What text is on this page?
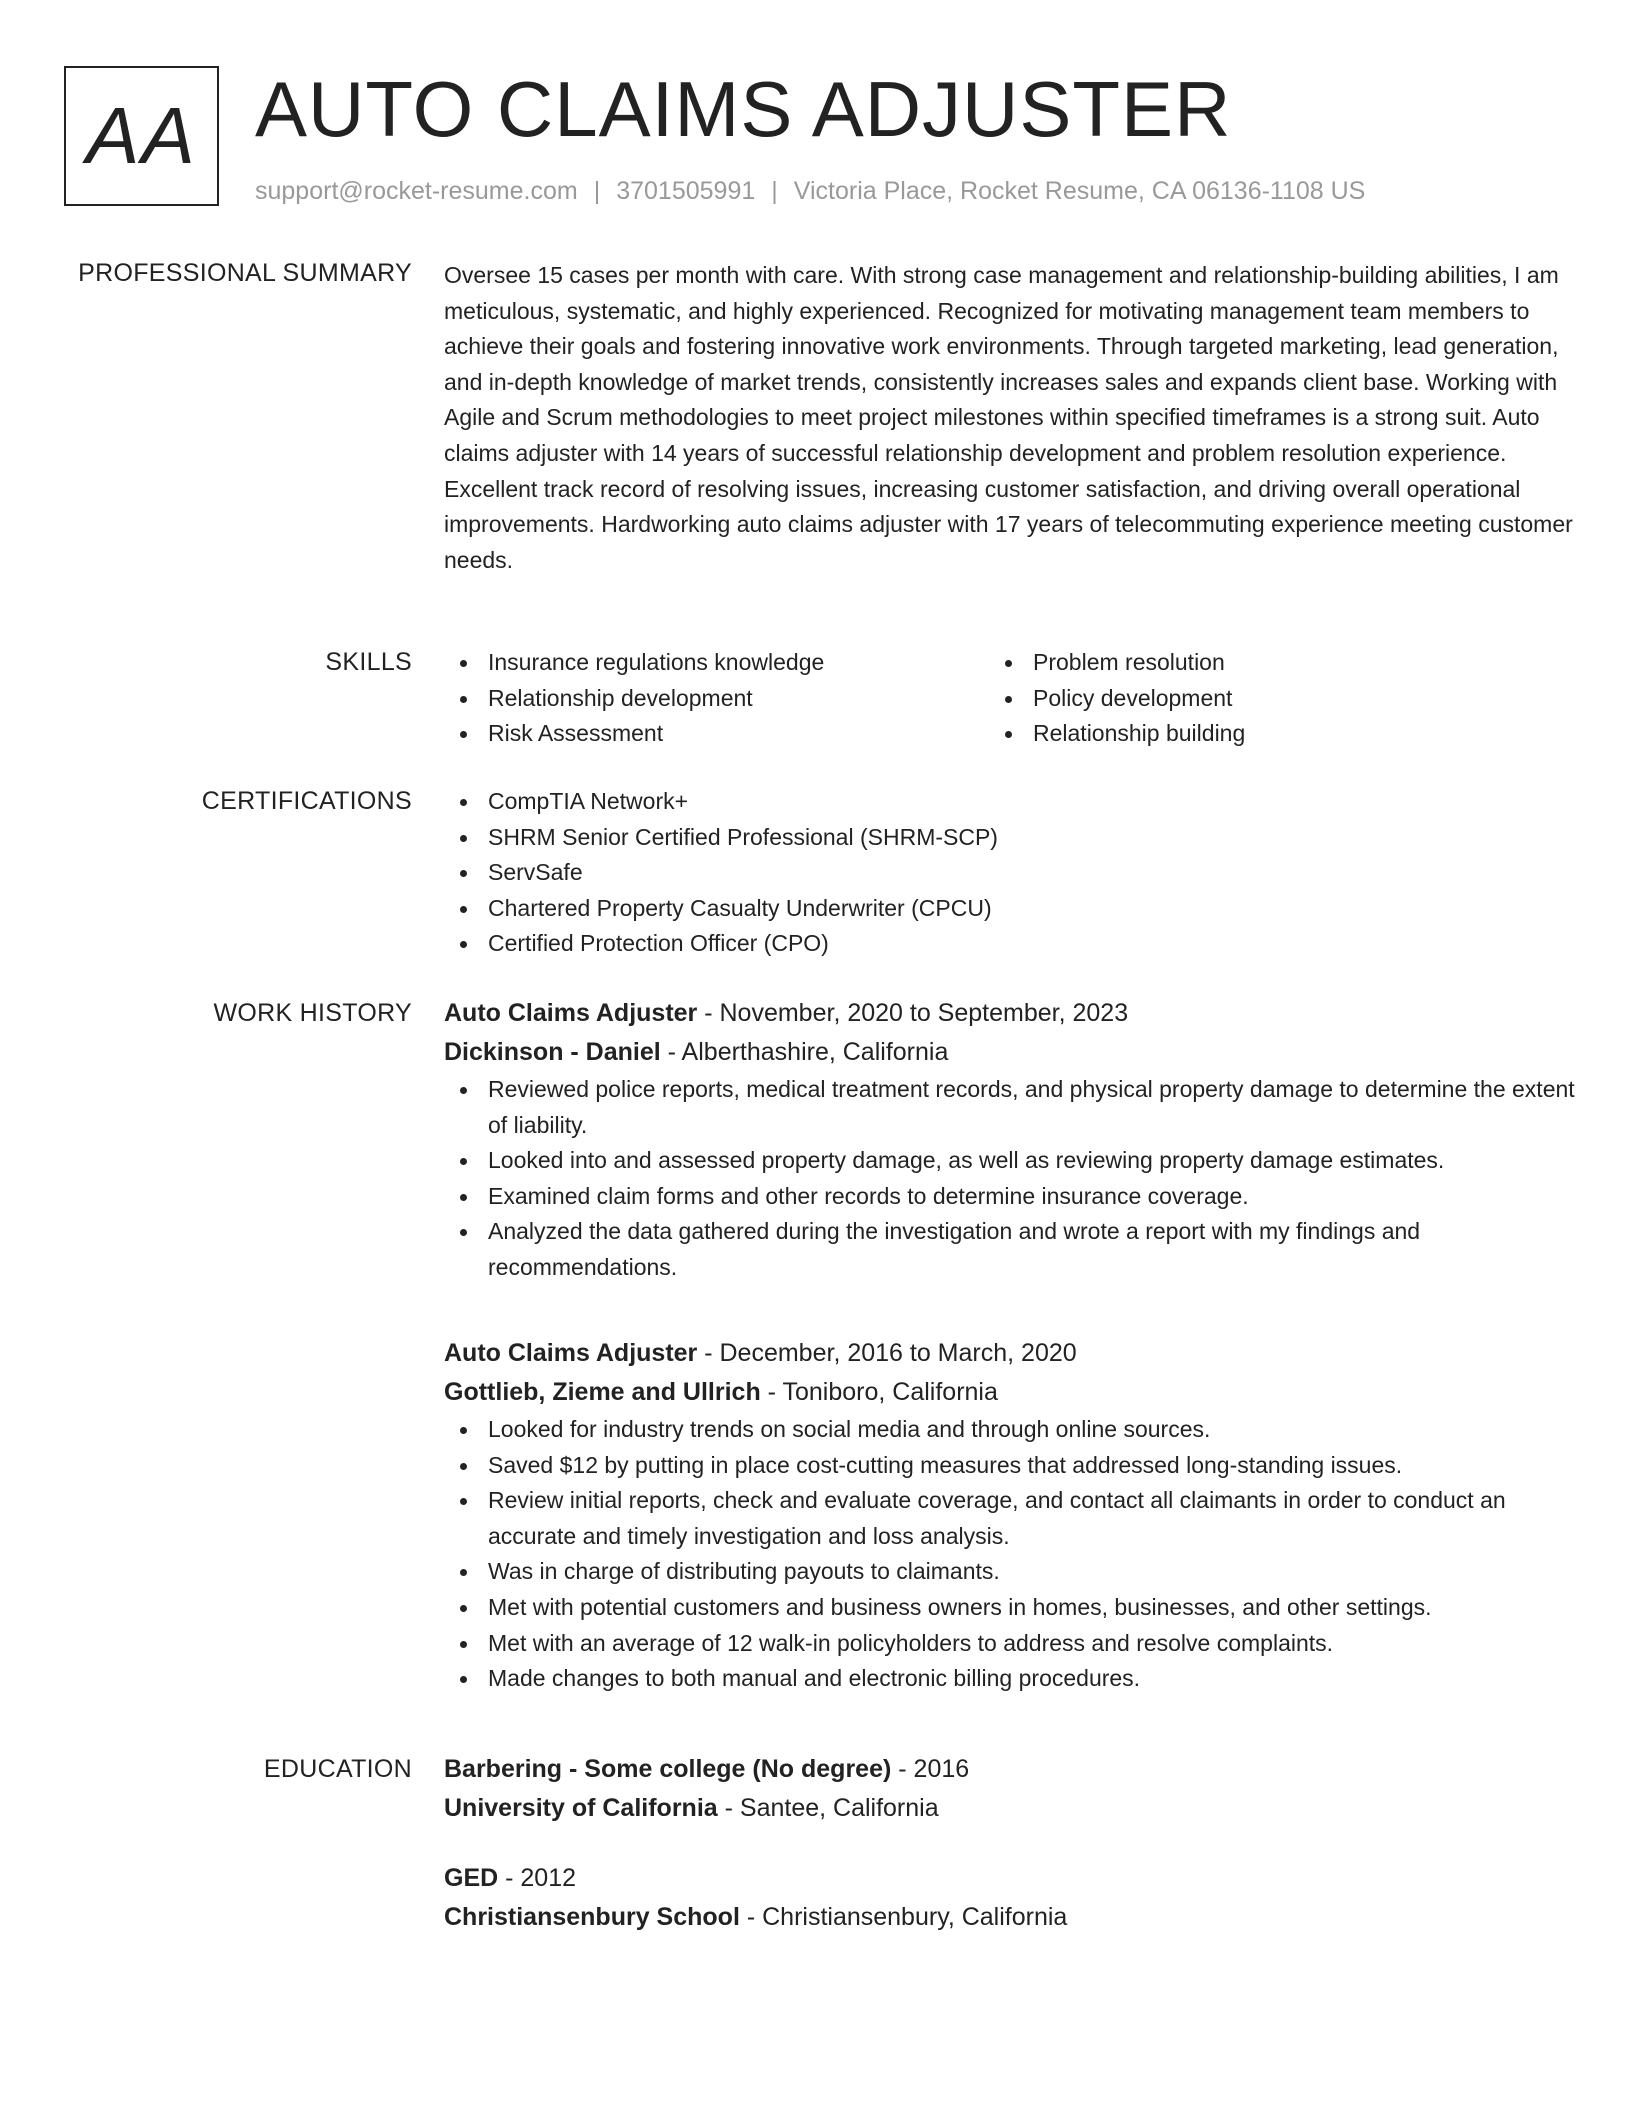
AA AUTO CLAIMS ADJUSTER
support@rocket-resume.com | 3701505991 | Victoria Place, Rocket Resume, CA 06136-1108 US
PROFESSIONAL SUMMARY Oversee 15 cases per month with care. With strong case management and relationship-building abilities, I am meticulous, systematic, and highly experienced. Recognized for motivating management team members to achieve their goals and fostering innovative work environments. Through targeted marketing, lead generation, and in-depth knowledge of market trends, consistently increases sales and expands client base. Working with Agile and Scrum methodologies to meet project milestones within specified timeframes is a strong suit. Auto claims adjuster with 14 years of successful relationship development and problem resolution experience. Excellent track record of resolving issues, increasing customer satisfaction, and driving overall operational improvements. Hardworking auto claims adjuster with 17 years of telecommuting experience meeting customer needs.

SKILLS	Insurance regulations knowledge
Relationship development
Risk Assessment
Problem resolution
Policy development
Relationship building
CERTIFICATIONS	CompTIA Network+
SHRM Senior Certified Professional (SHRM-SCP)
ServSafe
Chartered Property Casualty Underwriter (CPCU)
Certified Protection Officer (CPO)
WORK HISTORY Auto Claims Adjuster - November, 2020 to September, 2023
Dickinson - Daniel - Alberthashire, California
Reviewed police reports, medical treatment records, and physical property damage to determine the extent of liability.
Looked into and assessed property damage, as well as reviewing property damage estimates.
Examined claim forms and other records to determine insurance coverage.
Analyzed the data gathered during the investigation and wrote a report with my findings and recommendations.
Auto Claims Adjuster - December, 2016 to March, 2020
Gottlieb, Zieme and Ullrich - Toniboro, California
Looked for industry trends on social media and through online sources.
Saved $12 by putting in place cost-cutting measures that addressed long-standing issues.
Review initial reports, check and evaluate coverage, and contact all claimants in order to conduct an accurate and timely investigation and loss analysis.
Was in charge of distributing payouts to claimants.
Met with potential customers and business owners in homes, businesses, and other settings.
Met with an average of 12 walk-in policyholders to address and resolve complaints.
Made changes to both manual and electronic billing procedures.
EDUCATION Barbering - Some college (No degree) - 2016
University of California - Santee, California
GED - 2012
Christiansenbury School - Christiansenbury, California
